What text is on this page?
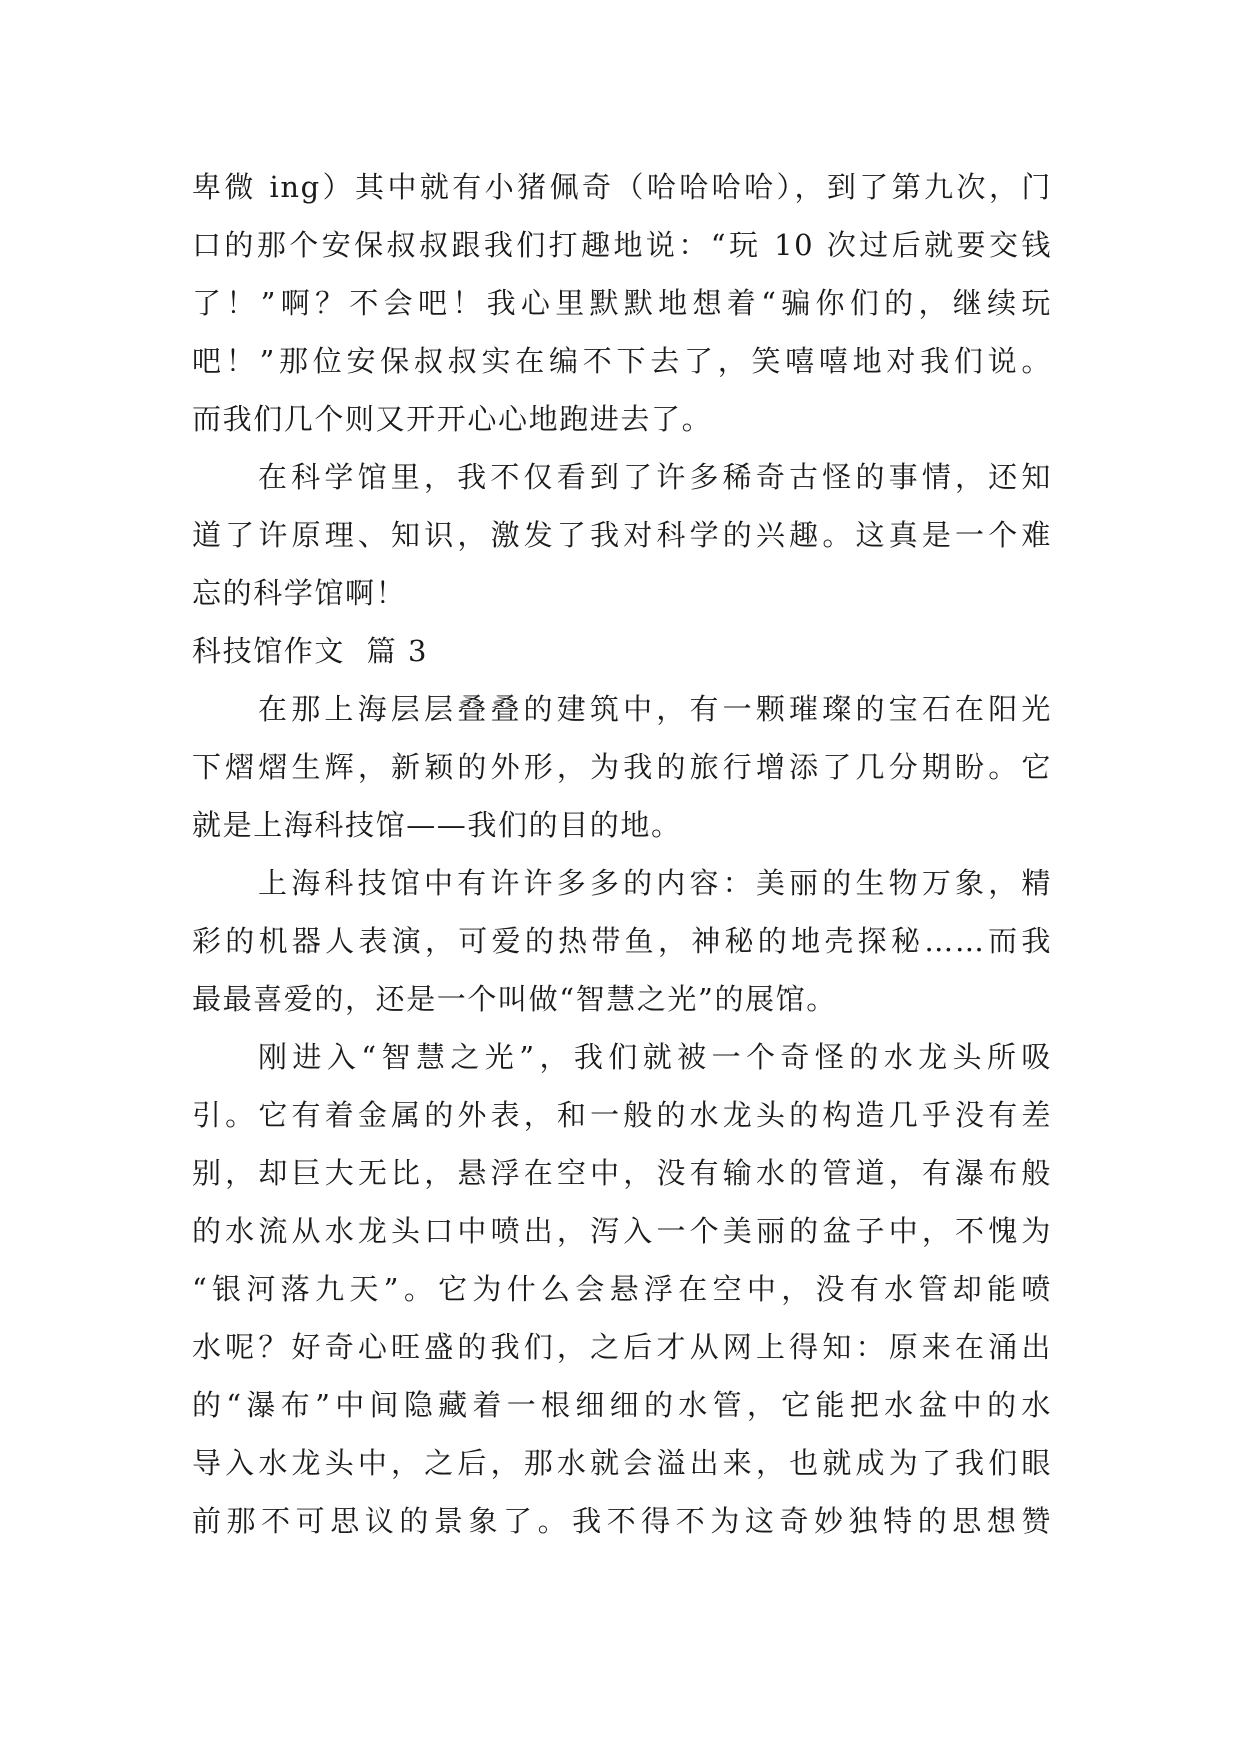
卑微 ing）其中就有小猪佩奇（哈哈哈哈），到了第九次，门
口的那个安保叔叔跟我们打趣地说：“玩 10 次过后就要交钱
了！”啊？不会吧！我心里默默地想着“骗你们的，继续玩
吧！”那位安保叔叔实在编不下去了，笑嘻嘻地对我们说。
而我们几个则又开开心心地跑进去了。

在科学馆里，我不仅看到了许多稀奇古怪的事情，还知
道了许原理、知识，激发了我对科学的兴趣。这真是一个难
忘的科学馆啊！

科技馆作文  篇 3

在那上海层层叠叠的建筑中，有一颗璀璨的宝石在阳光
下熠熠生辉，新颖的外形，为我的旅行增添了几分期盼。它
就是上海科技馆——我们的目的地。

上海科技馆中有许许多多的内容：美丽的生物万象，精
彩的机器人表演，可爱的热带鱼，神秘的地壳探秘……而我
最最喜爱的，还是一个叫做“智慧之光”的展馆。

刚进入“智慧之光”，我们就被一个奇怪的水龙头所吸
引。它有着金属的外表，和一般的水龙头的构造几乎没有差
别，却巨大无比，悬浮在空中，没有输水的管道，有瀑布般
的水流从水龙头口中喷出，泻入一个美丽的盆子中，不愧为
“银河落九天”。它为什么会悬浮在空中，没有水管却能喷
水呢？好奇心旺盛的我们，之后才从网上得知：原来在涌出
的“瀑布”中间隐藏着一根细细的水管，它能把水盆中的水
导入水龙头中，之后，那水就会溢出来，也就成为了我们眼
前那不可思议的景象了。我不得不为这奇妙独特的思想赞
